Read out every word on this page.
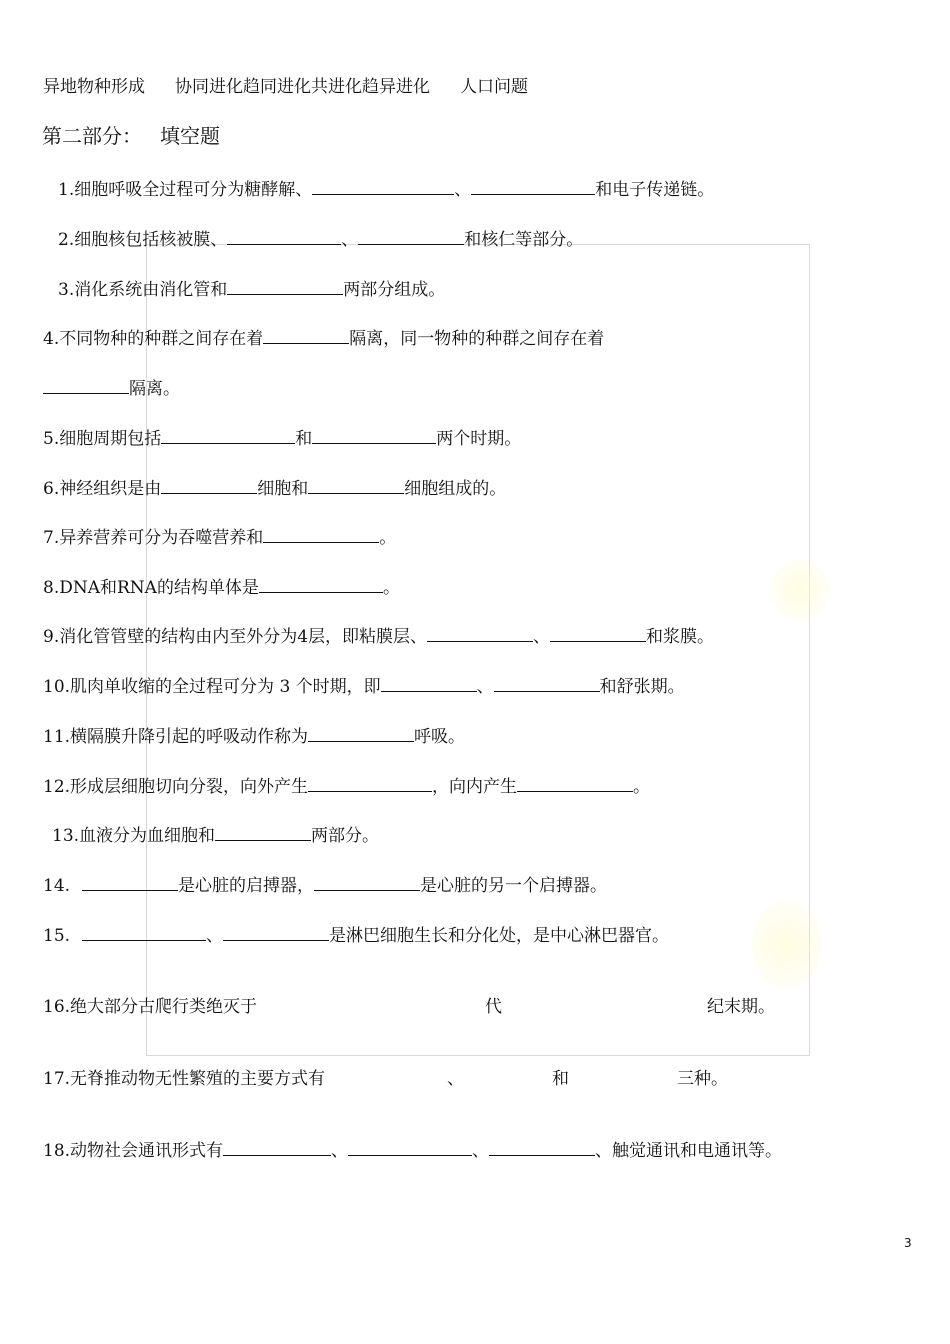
异地物种形成 协同进化趋同进化共进化趋异进化 人口问题
第二部分： 填空题
1.细胞呼吸全过程可分为糖酵解、	、	和电子传递链。
2.细胞核包括核被膜、	、	和核仁等部分。
3.消化系统由消化管和	两部分组成。
4.不同物种的种群之间存在着	隔离，同一物种的种群之间存在着
隔离。
5.细胞周期包括	和	两个时期。
6.神经组织是由	细胞和	细胞组成的。
7.异养营养可分为吞噬营养和	。
8.DNA和RNA的结构单体是	。
9.消化管管壁的结构由内至外分为4层，即粘膜层、	、	和浆膜。
10.肌肉单收缩的全过程可分为 3 个时期，即	、	和舒张期。
11.横隔膜升降引起的呼吸动作称为	呼吸。
12.形成层细胞切向分裂，向外产生	，向内产生	。
13.血液分为血细胞和	两部分。
14.	是心脏的启搏器，	是心脏的另一个启搏器。
15.	、	是淋巴细胞生长和分化处，是中心淋巴器官。
16.绝大部分古爬行类绝灭于	代	纪末期。
17.无脊推动物无性繁殖的主要方式有	、	和	三种。
18.动物社会通讯形式有	、	、	、触觉通讯和电通讯等。
3
